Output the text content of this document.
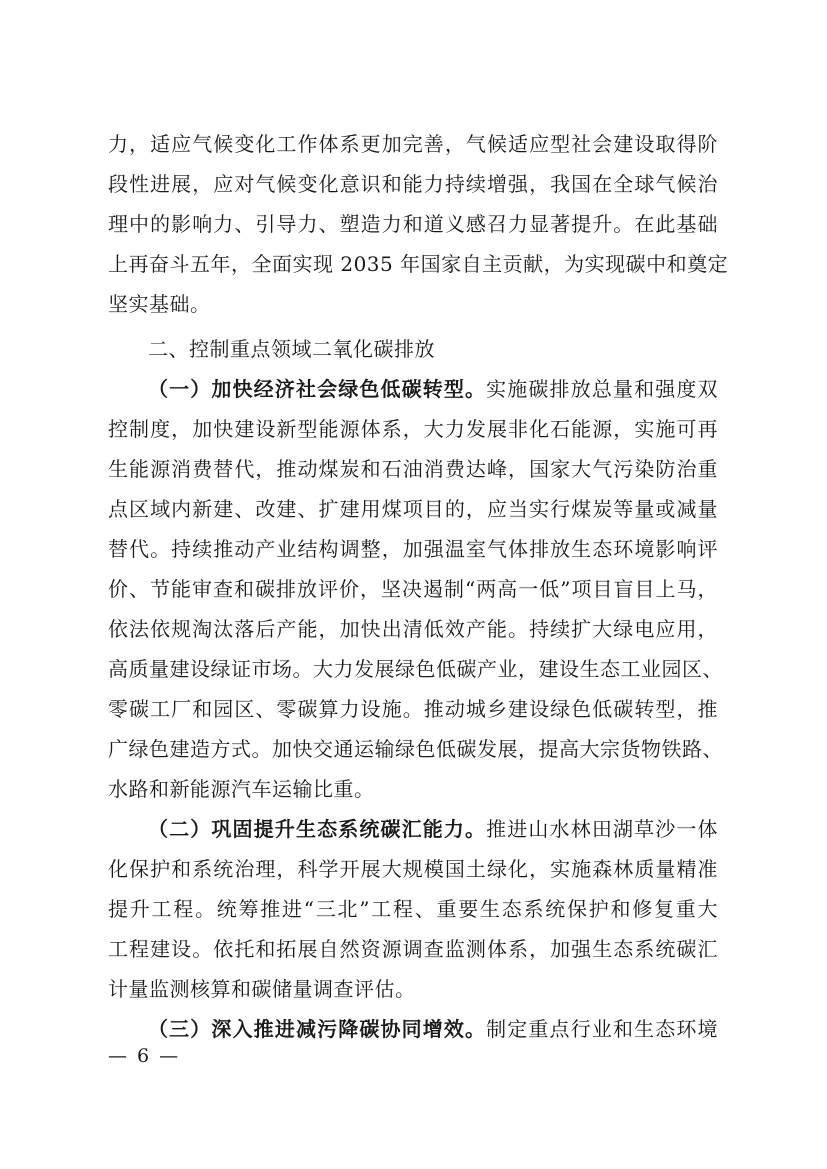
力，适应气候变化工作体系更加完善，气候适应型社会建设取得阶
段性进展，应对气候变化意识和能力持续增强，我国在全球气候治
理中的影响力、引导力、塑造力和道义感召力显著提升。在此基础
上再奋斗五年，全面实现 2035 年国家自主贡献，为实现碳中和奠定
坚实基础。
二、控制重点领域二氧化碳排放
（一）加快经济社会绿色低碳转型。实施碳排放总量和强度双
控制度，加快建设新型能源体系，大力发展非化石能源，实施可再
生能源消费替代，推动煤炭和石油消费达峰，国家大气污染防治重
点区域内新建、改建、扩建用煤项目的，应当实行煤炭等量或减量
替代。持续推动产业结构调整，加强温室气体排放生态环境影响评
价、节能审查和碳排放评价，坚决遏制“两高一低”项目盲目上马，
依法依规淘汰落后产能，加快出清低效产能。持续扩大绿电应用，
高质量建设绿证市场。大力发展绿色低碳产业，建设生态工业园区、
零碳工厂和园区、零碳算力设施。推动城乡建设绿色低碳转型，推
广绿色建造方式。加快交通运输绿色低碳发展，提高大宗货物铁路、
水路和新能源汽车运输比重。
（二）巩固提升生态系统碳汇能力。推进山水林田湖草沙一体
化保护和系统治理，科学开展大规模国土绿化，实施森林质量精准
提升工程。统筹推进“三北”工程、重要生态系统保护和修复重大
工程建设。依托和拓展自然资源调查监测体系，加强生态系统碳汇
计量监测核算和碳储量调查评估。
（三）深入推进减污降碳协同增效。制定重点行业和生态环境
— 6 —
